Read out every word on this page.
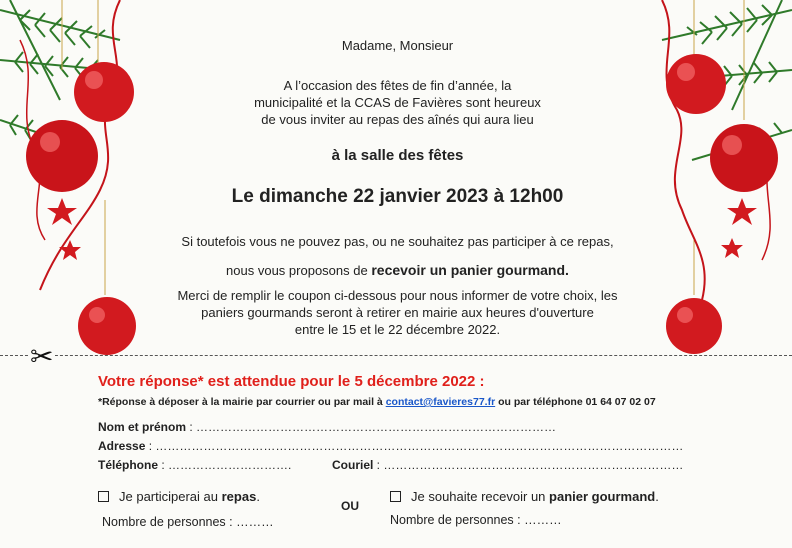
Madame, Monsieur
A l’occasion des fêtes de fin d’année, la
municipalité et la CCAS de Favières sont heureux
de vous inviter au repas des aînés qui aura lieu
à la salle des fêtes
Le dimanche 22 janvier 2023 à 12h00
Si toutefois vous ne pouvez pas, ou ne souhaitez pas participer à ce repas,
nous vous proposons de recevoir un panier gourmand.
Merci de remplir le coupon ci-dessous pour nous informer de votre choix, les
paniers gourmands seront à retirer en mairie aux heures d'ouverture
entre le 15 et le 22 décembre 2022.
✂
Votre réponse* est attendue pour le 5 décembre 2022 :
*Réponse à déposer à la mairie par courrier ou par mail à contact@favieres77.fr ou par téléphone 01 64 07 02 07
Nom et prénom : ………………………………………………………………………………
Adresse : ……………………………………………………………………………………………………………………
Téléphone : ………………………….	Couriel : …………………………………………………………………
Je participerai au repas.
OU
Je souhaite recevoir un panier gourmand.
Nombre de personnes : ………	Nombre de personnes : ………
